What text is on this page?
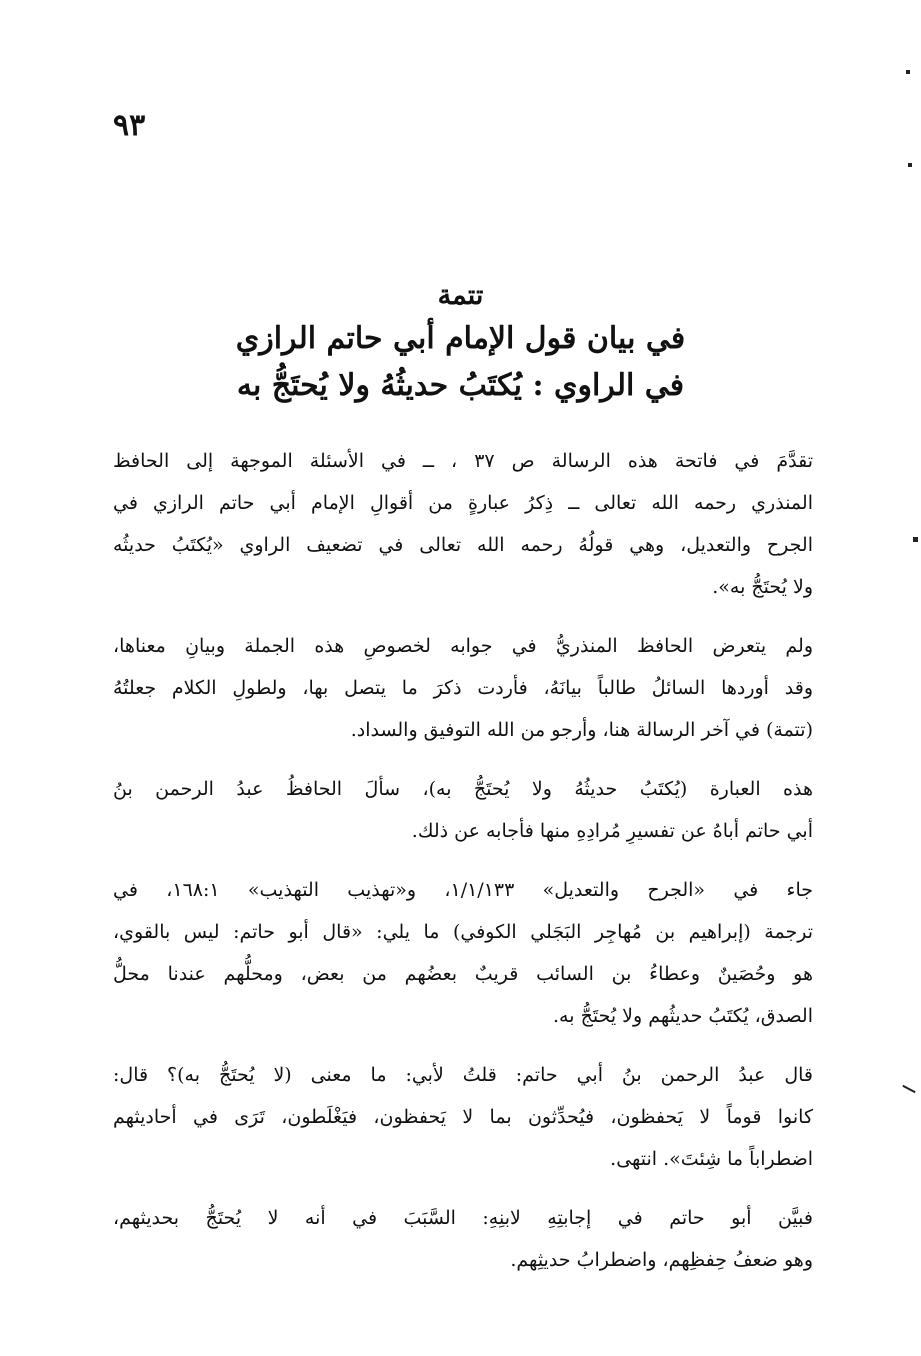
٩٣
تتمة
في بيان قول الإمام أبي حاتم الرازي
في الراوي : يُكتَبُ حديثُهُ ولا يُحتَجُّ به
تقدَّمَ في فاتحة هذه الرسالة ص ٣٧ ، ــ في الأسئلة الموجهة إلى الحافظ
المنذري رحمه الله تعالى ــ ذِكرُ عبارةٍ من أقوالِ الإمام أبي حاتم الرازي في
الجرح والتعديل، وهي قولُهُ رحمه الله تعالى في تضعيف الراوي «يُكتَبُ حديثُه
ولا يُحتَجُّ به».
ولم يتعرض الحافظ المنذريُّ في جوابه لخصوصِ هذه الجملة وبيانِ معناها،
وقد أوردها السائلُ طالباً بيانَهُ، فأردت ذكرَ ما يتصل بها، ولطولِ الكلام جعلتُهُ
(تتمة) في آخر الرسالة هنا، وأرجو من الله التوفيق والسداد.
هذه العبارة (يُكتَبُ حديثُهُ ولا يُحتَجُّ به)، سألَ الحافظُ عبدُ الرحمن بنُ
أبي حاتم أباهُ عن تفسيرِ مُرادِهِ منها فأجابه عن ذلك.
جاء في «الجرح والتعديل» ١/١/١٣٣، و«تهذيب التهذيب» ١٦٨:١، في
ترجمة (إبراهيم بن مُهاجِر البَجَلي الكوفي) ما يلي: «قال أبو حاتم: ليس بالقوي،
هو وحُصَينٌ وعطاءُ بن السائب قريبٌ بعضُهم من بعض، ومحلُّهم عندنا محلُّ
الصدق، يُكتَبُ حديثُهم ولا يُحتَجُّ به.
قال عبدُ الرحمن بنُ أبي حاتم: قلتُ لأبي: ما معنى (لا يُحتَجُّ به)؟ قال:
كانوا قوماً لا يَحفظون، فيُحدِّثون بما لا يَحفظون، فيَغْلَطون، تَرَى في أحاديثهم
اضطراباً ما شِئتَ». انتهى.
فبيَّن أبو حاتم في إجابتِهِ لابنِهِ: السَّبَبَ في أنه لا يُحتَجُّ بحديثهم،
وهو ضعفُ حِفظِهم، واضطرابُ حديثِهم.
